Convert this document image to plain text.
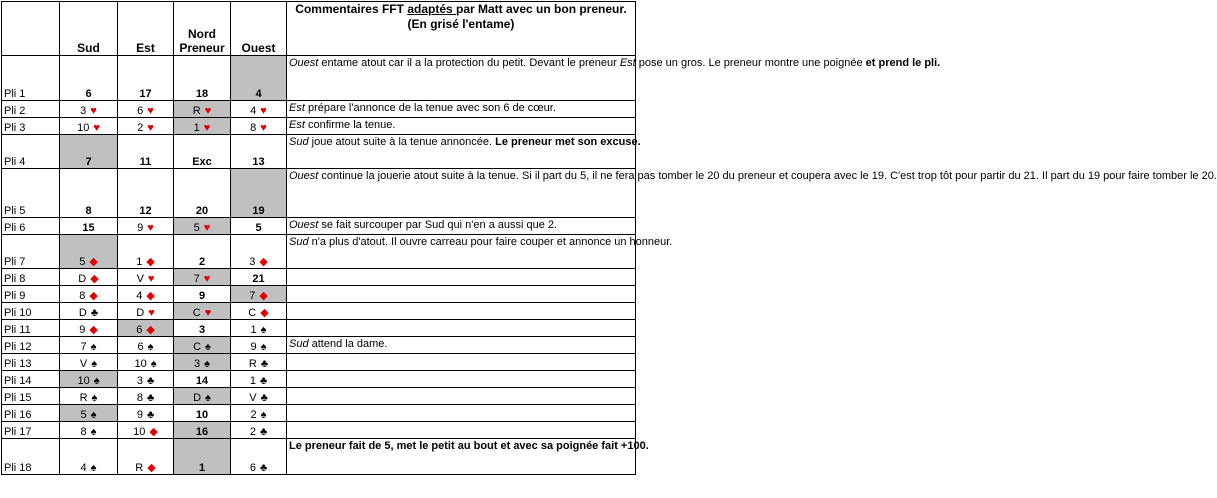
	Sud	Est	Nord
Preneur	Ouest	Commentaires FFT adaptés par Matt avec un bon preneur.
(En grisé l'entame)
Pli 1	6	17	18	4	Ouest entame atout car il a la protection du petit. Devant le preneur Est pose un gros. Le preneur montre une poignée et prend le pli.
Pli 2	3 ♥	6 ♥	R ♥	4 ♥	Est prépare l'annonce de la tenue avec son 6 de cœur.
Pli 3	10 ♥	2 ♥	1 ♥	8 ♥	Est confirme la tenue.
Pli 4	7	11	Exc	13	Sud joue atout suite à la tenue annoncée. Le preneur met son excuse.
Pli 5	8	12	20	19	Ouest continue la jouerie atout suite à la tenue. Si il part du 5, il ne fera pas tomber le 20 du preneur et coupera avec le 19. C'est trop tôt pour partir du 21. Il part du 19 pour faire tomber le 20.
Pli 6	15	9 ♥	5 ♥	5	Ouest se fait surcouper par Sud qui n'en a aussi que 2.
Pli 7	5 ◆	1 ◆	2	3 ◆	Sud n'a plus d'atout. Il ouvre carreau pour faire couper et annonce un honneur.
Pli 8	D ◆	V ♥	7 ♥	21	
Pli 9	8 ◆	4 ◆	9	7 ◆	
Pli 10	D ♣	D ♥	C ♥	C ◆	
Pli 11	9 ◆	6 ◆	3	1 ♠	
Pli 12	7 ♠	6 ♠	C ♠	9 ♠	Sud attend la dame.
Pli 13	V ♠	10 ♠	3 ♠	R ♣	
Pli 14	10 ♠	3 ♣	14	1 ♣	
Pli 15	R ♠	8 ♣	D ♠	V ♣	
Pli 16	5 ♠	9 ♣	10	2 ♠	
Pli 17	8 ♠	10 ◆	16	2 ♣	
Pli 18	4 ♠	R ◆	1	6 ♣	Le preneur fait de 5, met le petit au bout et avec sa poignée fait +100.
